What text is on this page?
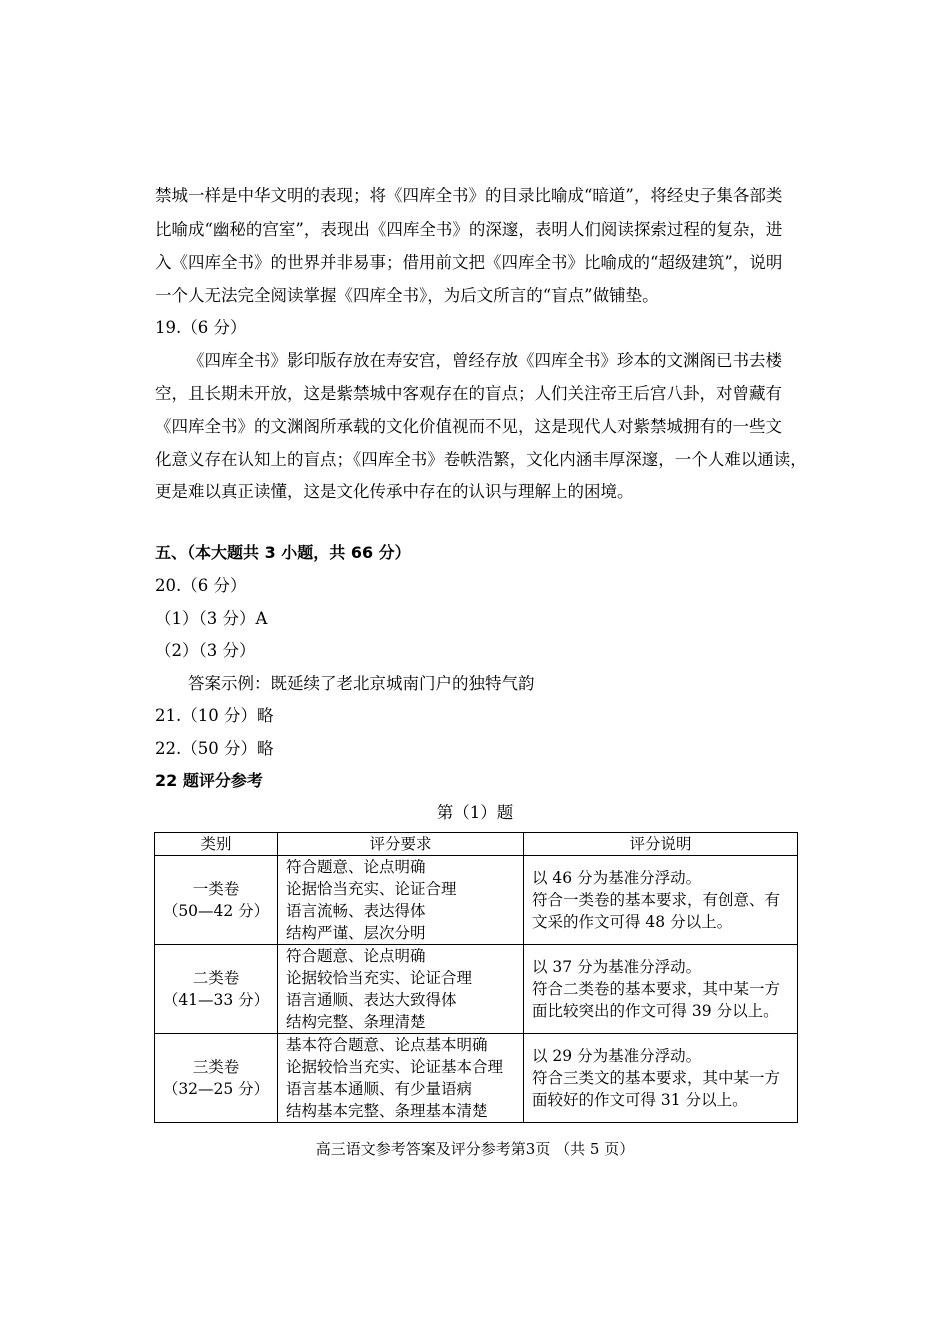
禁城一样是中华文明的表现；将《四库全书》的目录比喻成“暗道”，将经史子集各部类
比喻成“幽秘的宫室”，表现出《四库全书》的深邃，表明人们阅读探索过程的复杂，进
入《四库全书》的世界并非易事；借用前文把《四库全书》比喻成的“超级建筑”，说明
一个人无法完全阅读掌握《四库全书》，为后文所言的“盲点”做铺垫。
19.（6 分）
《四库全书》影印版存放在寿安宫，曾经存放《四库全书》珍本的文渊阁已书去楼
空，且长期未开放，这是紫禁城中客观存在的盲点；人们关注帝王后宫八卦，对曾藏有
《四库全书》的文渊阁所承载的文化价值视而不见，这是现代人对紫禁城拥有的一些文
化意义存在认知上的盲点；《四库全书》卷帙浩繁，文化内涵丰厚深邃，一个人难以通读，
更是难以真正读懂，这是文化传承中存在的认识与理解上的困境。
五、（本大题共 3 小题，共 66 分）
20.（6 分）
（1）（3 分）A
（2）（3 分）
答案示例：既延续了老北京城南门户的独特气韵
21.（10 分）略
22.（50 分）略
22 题评分参考
第（1）题
类别	评分要求	评分说明

一类卷
（50—42 分）	符合题意、论点明确
论据恰当充实、论证合理
语言流畅、表达得体
结构严谨、层次分明	以 46 分为基准分浮动。
符合一类卷的基本要求，有创意、有
文采的作文可得 48 分以上。

二类卷
（41—33 分）	符合题意、论点明确
论据较恰当充实、论证合理
语言通顺、表达大致得体
结构完整、条理清楚	以 37 分为基准分浮动。
符合二类卷的基本要求，其中某一方
面比较突出的作文可得 39 分以上。

三类卷
（32—25 分）	基本符合题意、论点基本明确
论据较恰当充实、论证基本合理
语言基本通顺、有少量语病
结构基本完整、条理基本清楚	以 29 分为基准分浮动。
符合三类文的基本要求，其中某一方
面较好的作文可得 31 分以上。
高三语文参考答案及评分参考第3页 （共 5 页）
